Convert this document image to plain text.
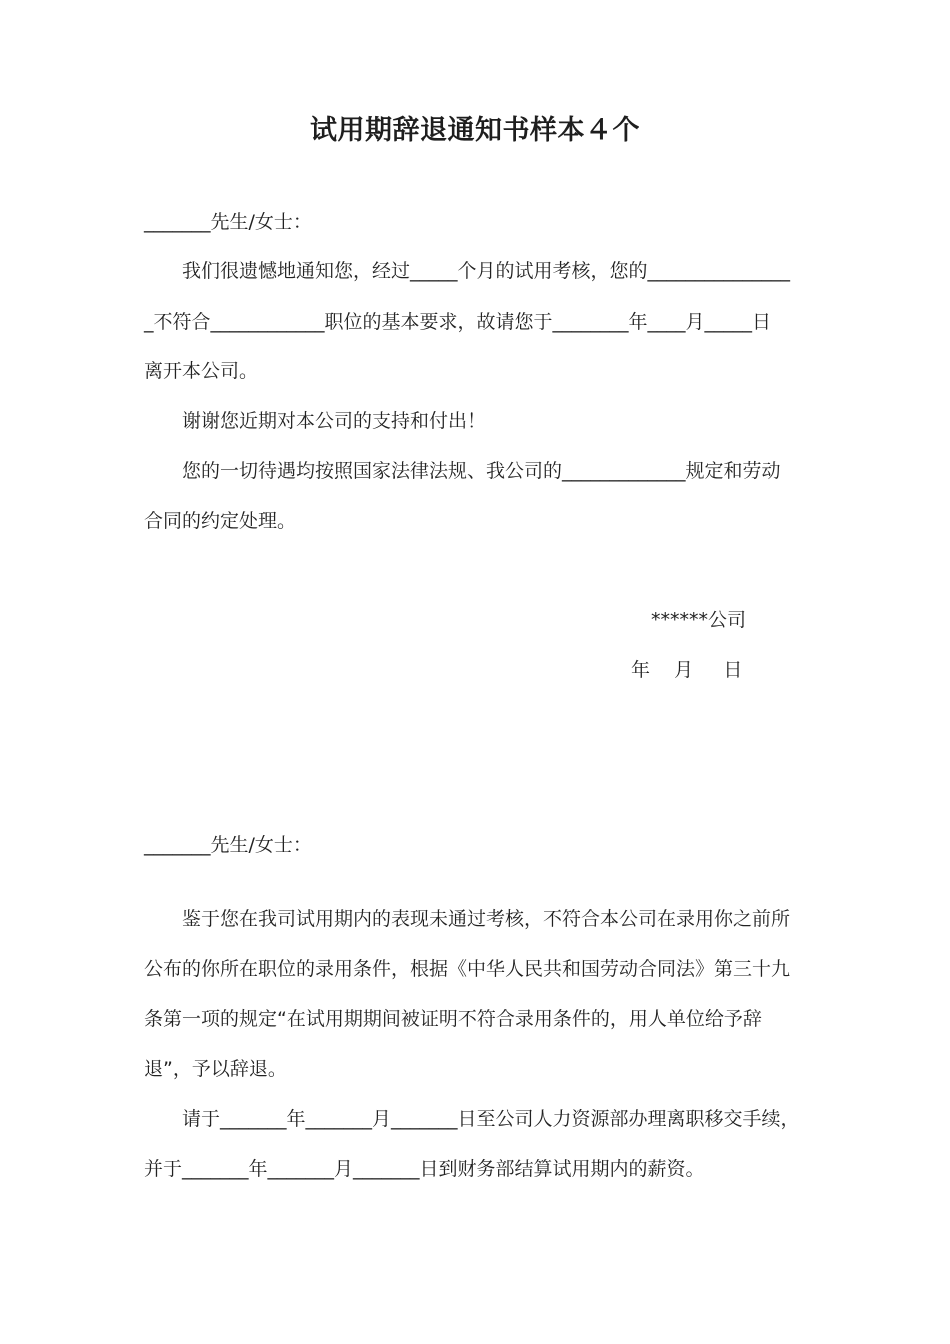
试用期辞退通知书样本４个

_______先生/女士：

我们很遗憾地通知您，经过_____个月的试用考核，您的_______________

_不符合____________职位的基本要求，故请您于________年____月_____日

离开本公司。

谢谢您近期对本公司的支持和付出！

您的一切待遇均按照国家法律法规、我公司的_____________规定和劳动

合同的约定处理。

******公司
年    月     日

_______先生/女士：

鉴于您在我司试用期内的表现未通过考核，不符合本公司在录用你之前所

公布的你所在职位的录用条件，根据《中华人民共和国劳动合同法》第三十九

条第一项的规定“在试用期期间被证明不符合录用条件的，用人单位给予辞

退”，予以辞退。

请于_______年_______月_______日至公司人力资源部办理离职移交手续，

并于_______年_______月_______日到财务部结算试用期内的薪资。
